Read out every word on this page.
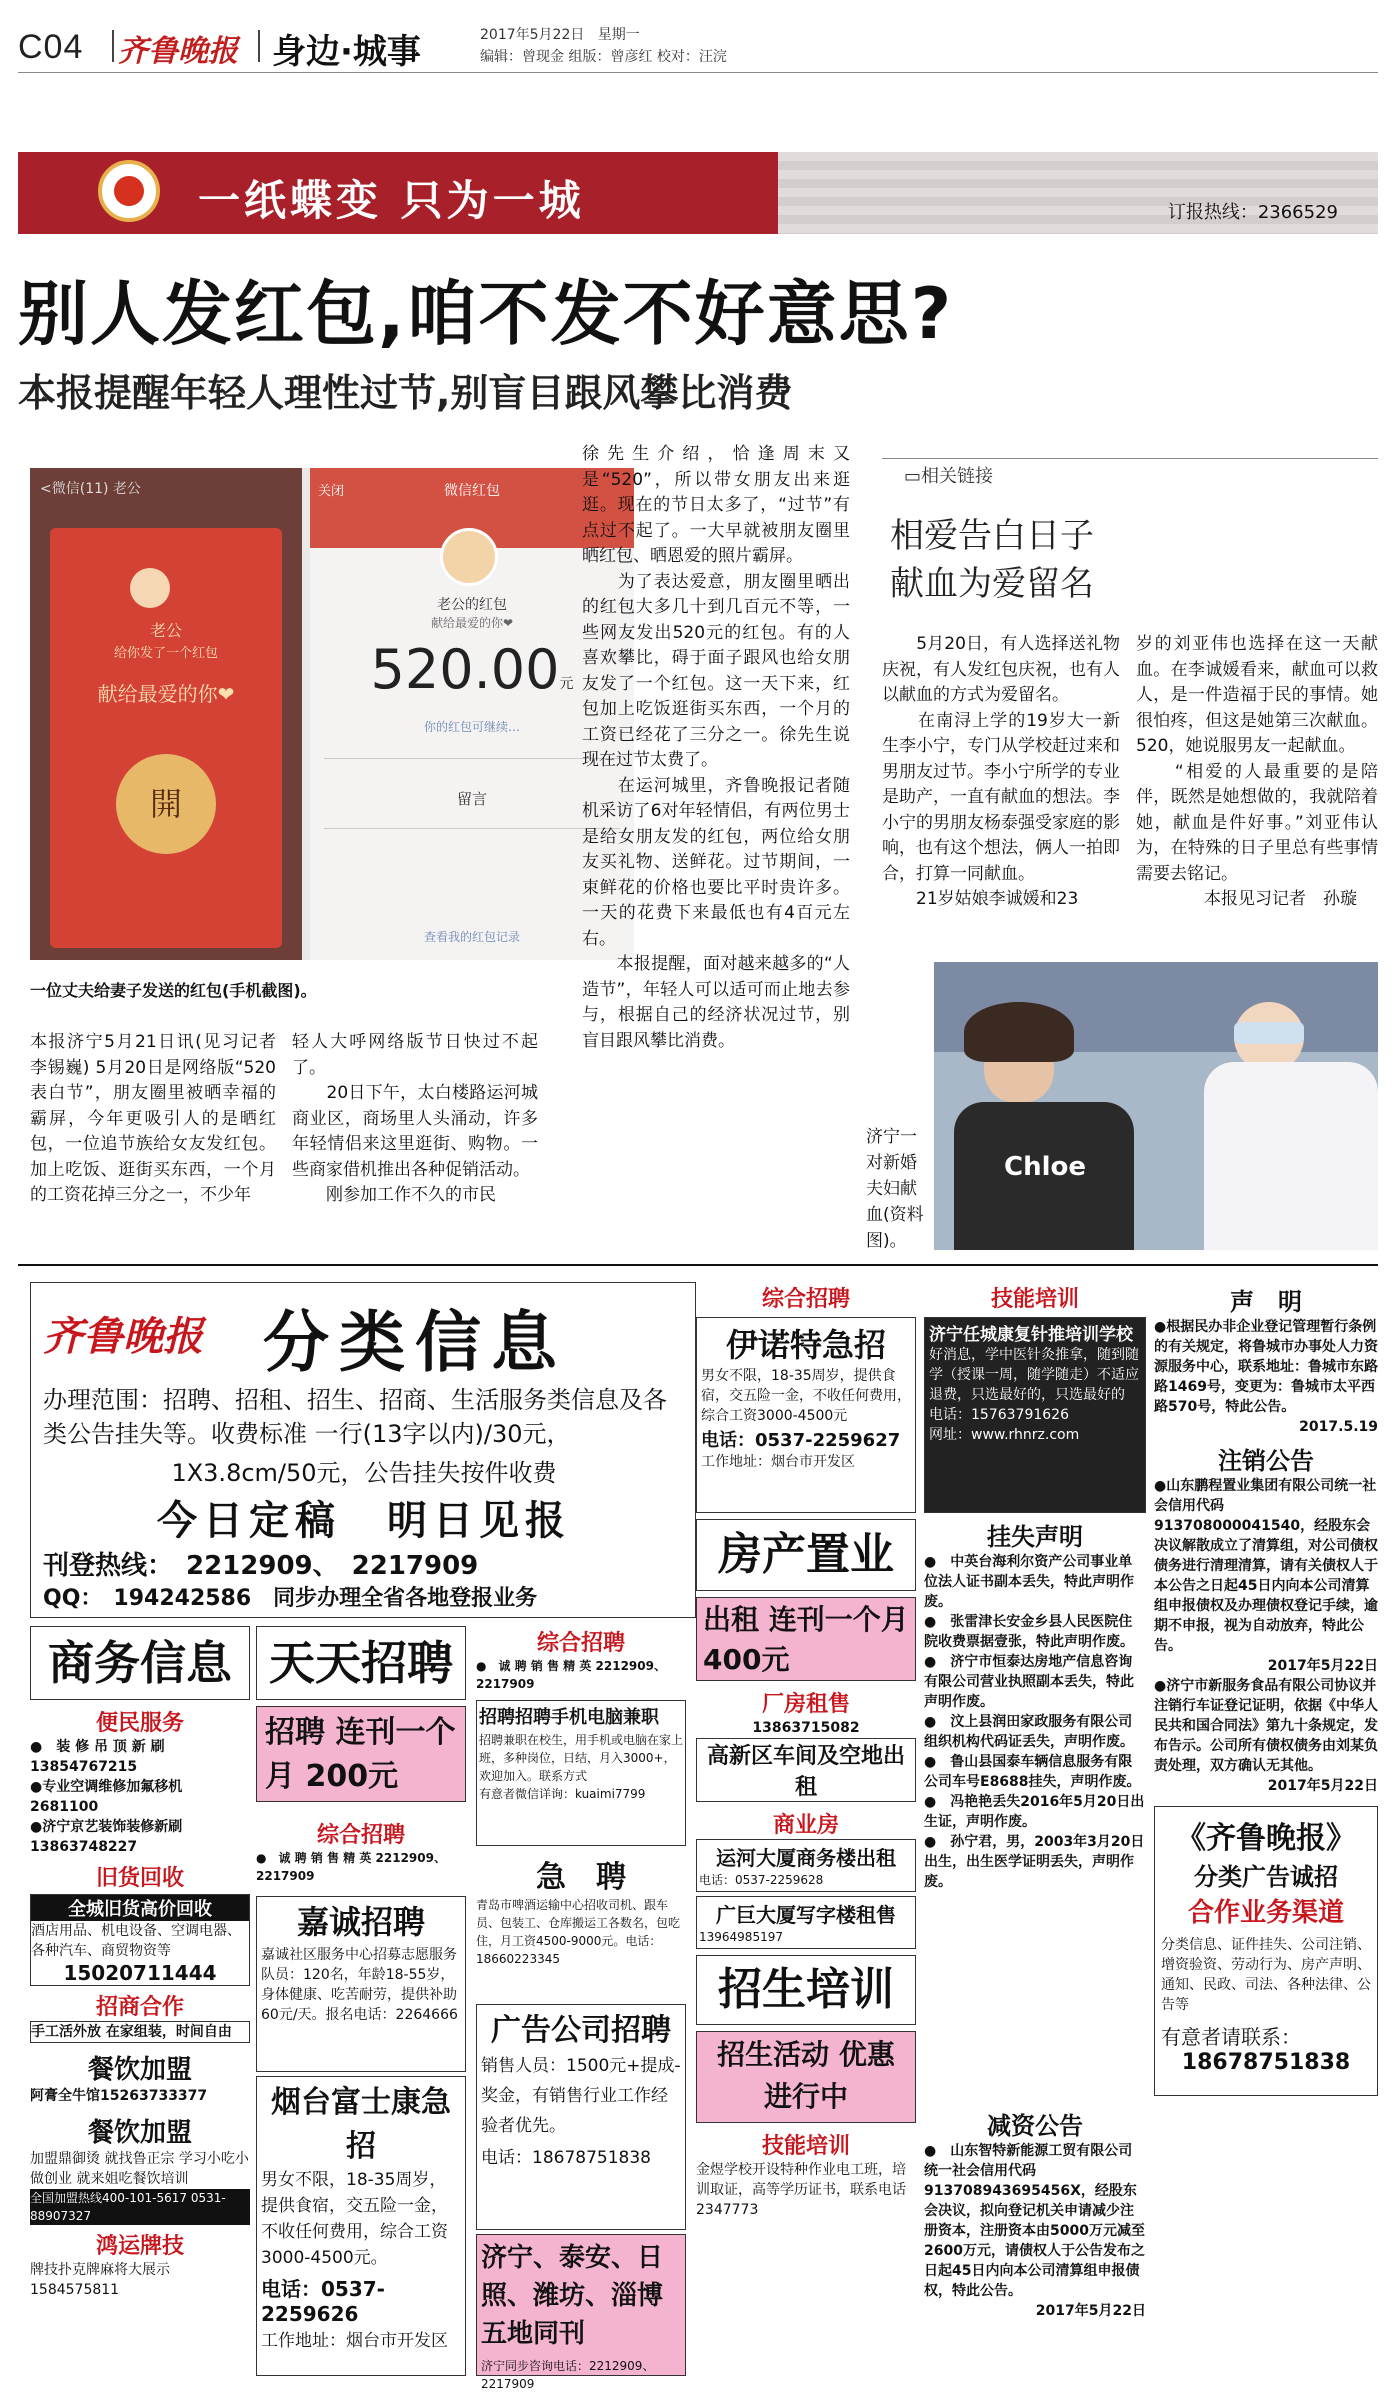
C04 齐鲁晚报 身边·城事	2017年5月22日 星期一
编辑：曾现金 组版：曾彦红 校对：汪浣
一纸蝶变 只为一城	订报热线：2366529
别人发红包,咱不发不好意思?
本报提醒年轻人理性过节,别盲目跟风攀比消费
<微信(11) 老公
老公
给你发了一个红包
献给最爱的你❤
開
关闭	微信红包
老公的红包
献给最爱的你❤
520.00元
你的红包可继续…
留言
查看我的红包记录
一位丈夫给妻子发送的红包(手机截图)。
本报济宁5月21日讯(见习记者 李锡巍) 5月20日是网络版“520表白节”，朋友圈里被晒幸福的霸屏，今年更吸引人的是晒红包，一位追节族给女友发红包。加上吃饭、逛街买东西，一个月的工资花掉三分之一，不少年
轻人大呼网络版节日快过不起了。
　　20日下午，太白楼路运河城商业区，商场里人头涌动，许多年轻情侣来这里逛街、购物。一些商家借机推出各种促销活动。
　　刚参加工作不久的市民
徐先生介绍，恰逢周末又是“520”，所以带女朋友出来逛逛。现在的节日太多了，“过节”有点过不起了。一大早就被朋友圈里晒红包、晒恩爱的照片霸屏。
　　为了表达爱意，朋友圈里晒出的红包大多几十到几百元不等，一些网友发出520元的红包。有的人喜欢攀比，碍于面子跟风也给女朋友发了一个红包。这一天下来，红包加上吃饭逛街买东西，一个月的工资已经花了三分之一。徐先生说现在过节太费了。
　　在运河城里，齐鲁晚报记者随机采访了6对年轻情侣，有两位男士是给女朋友发的红包，两位给女朋友买礼物、送鲜花。过节期间，一束鲜花的价格也要比平时贵许多。一天的花费下来最低也有4百元左右。
　　本报提醒，面对越来越多的“人造节”，年轻人可以适可而止地去参与，根据自己的经济状况过节，别盲目跟风攀比消费。
▭相关链接
相爱告白日子
献血为爱留名
　　5月20日，有人选择送礼物庆祝，有人发红包庆祝，也有人以献血的方式为爱留名。
　　在南浔上学的19岁大一新生李小宁，专门从学校赶过来和男朋友过节。李小宁所学的专业是助产，一直有献血的想法。李小宁的男朋友杨泰强受家庭的影响，也有这个想法，俩人一拍即合，打算一同献血。
　　21岁姑娘李诚媛和23
岁的刘亚伟也选择在这一天献血。在李诚媛看来，献血可以救人，是一件造福于民的事情。她很怕疼，但这是她第三次献血。520，她说服男友一起献血。
　　“相爱的人最重要的是陪伴，既然是她想做的，我就陪着她，献血是件好事。”刘亚伟认为，在特殊的日子里总有些事情需要去铭记。
　　　　本报见习记者　孙璇
Chloe
济宁一对新婚夫妇献血(资料图)。
齐鲁晚报 分类信息
办理范围：招聘、招租、招生、招商、生活服务类信息及各类公告挂失等。收费标准 一行(13字以内)/30元，
1X3.8cm/50元，公告挂失按件收费
今日定稿　明日见报
刊登热线：　2212909、　2217909
QQ：　194242586　同步办理全省各地登报业务
商务信息 天天招聘
便民服务
●　装 修 吊 顶 新 刷 13854767215
●专业空调维修加氟移机 2681100
●济宁京艺装饰装修新刷 13863748227
旧货回收
全城旧货高价回收
酒店用品、机电设备、空调电器、各种汽车、商贸物资等
15020711444
招商合作
手工活外放 在家组装，时间自由
餐饮加盟
阿膏全牛馆15263733377
餐饮加盟
加盟鼎御烫 就找鲁正宗 学习小吃小做创业 就来姐吃餐饮培训
全国加盟热线400-101-5617 0531-88907327
鸿运牌技
牌技扑克牌麻将大展示 1584575811
招聘 连刊一个月 200元
综合招聘
●　诚 聘 销 售 精 英 2212909、2217909
综合招聘
●　诚 聘 销 售 精 英 2212909、2217909
嘉诚招聘
嘉诚社区服务中心招募志愿服务队员：120名，年龄18-55岁，身体健康、吃苦耐劳，提供补助60元/天。报名电话：2264666
烟台富士康急招
男女不限，18-35周岁，提供食宿，交五险一金，不收任何费用，综合工资3000-4500元。
电话：0537-2259626
工作地址：烟台市开发区
招聘招聘手机电脑兼职
招聘兼职在校生，用手机或电脑在家上班，多种岗位，日结，月入3000+，欢迎加入。联系方式
有意者微信详询：kuaimi7799
急　聘
青岛市啤酒运输中心招收司机、跟车员、包装工、仓库搬运工各数名，包吃住，月工资4500-9000元。电话：18660223345
广告公司招聘
销售人员：1500元+提成-奖金，有销售行业工作经验者优先。
电话：18678751838
济宁、泰安、日照、潍坊、淄博五地同刊
济宁同步咨询电话：2212909、2217909
综合招聘
伊诺特急招
男女不限，18-35周岁，提供食宿，交五险一金，不收任何费用，综合工资3000-4500元
电话：0537-2259627
工作地址：烟台市开发区
房产置业
出租 连刊一个月 400元
厂房租售
13863715082
高新区车间及空地出租
商业房
运河大厦商务楼出租
电话：0537-2259628
广巨大厦写字楼租售
13964985197
招生培训
招生活动 优惠进行中
技能培训
金煜学校开设特种作业电工班，培训取证，高等学历证书，联系电话2347773
技能培训
济宁任城康复针推培训学校
好消息，学中医针灸推拿，随到随学（授课一周，随学随走）不适应退费，只选最好的，只选最好的
电话：15763791626
网址：www.rhnrz.com
挂失声明
●　中英台海利尔资产公司事业单位法人证书副本丢失，特此声明作废。
●　张雷津长安金乡县人民医院住院收费票据壹张，特此声明作废。
●　济宁市恒泰达房地产信息咨询有限公司营业执照副本丢失，特此声明作废。
●　汶上县润田家政服务有限公司组织机构代码证丢失，声明作废。
●　鲁山县国泰车辆信息服务有限公司车号E8688挂失，声明作废。
●　冯艳艳丢失2016年5月20日出生证，声明作废。
●　孙宁君，男，2003年3月20日出生，出生医学证明丢失，声明作废。
减资公告
●　山东智特新能源工贸有限公司统一社会信用代码913708943695456X，经股东会决议，拟向登记机关申请减少注册资本，注册资本由5000万元减至2600万元，请债权人于公告发布之日起45日内向本公司清算组申报债权，特此公告。
2017年5月22日
声　明
●根据民办非企业登记管理暂行条例的有关规定，将鲁城市办事处人力资源服务中心，联系地址：鲁城市东路路1469号，变更为：鲁城市太平西路570号，特此公告。
2017.5.19
注销公告
●山东鹏程置业集团有限公司统一社会信用代码913708000041540，经股东会决议解散成立了清算组，对公司债权债务进行清理清算，请有关债权人于本公告之日起45日内向本公司清算组申报债权及办理债权登记手续，逾期不申报，视为自动放弃，特此公告。
2017年5月22日
●济宁市新服务食品有限公司协议并注销行车证登记证明，依据《中华人民共和国合同法》第九十条规定，发布告示。公司所有债权债务由刘某负责处理，双方确认无其他。
2017年5月22日
《齐鲁晚报》
分类广告诚招
合作业务渠道
分类信息、证件挂失、公司注销、增资验资、劳动行为、房产声明、通知、民政、司法、各种法律、公告等
有意者请联系：
18678751838
